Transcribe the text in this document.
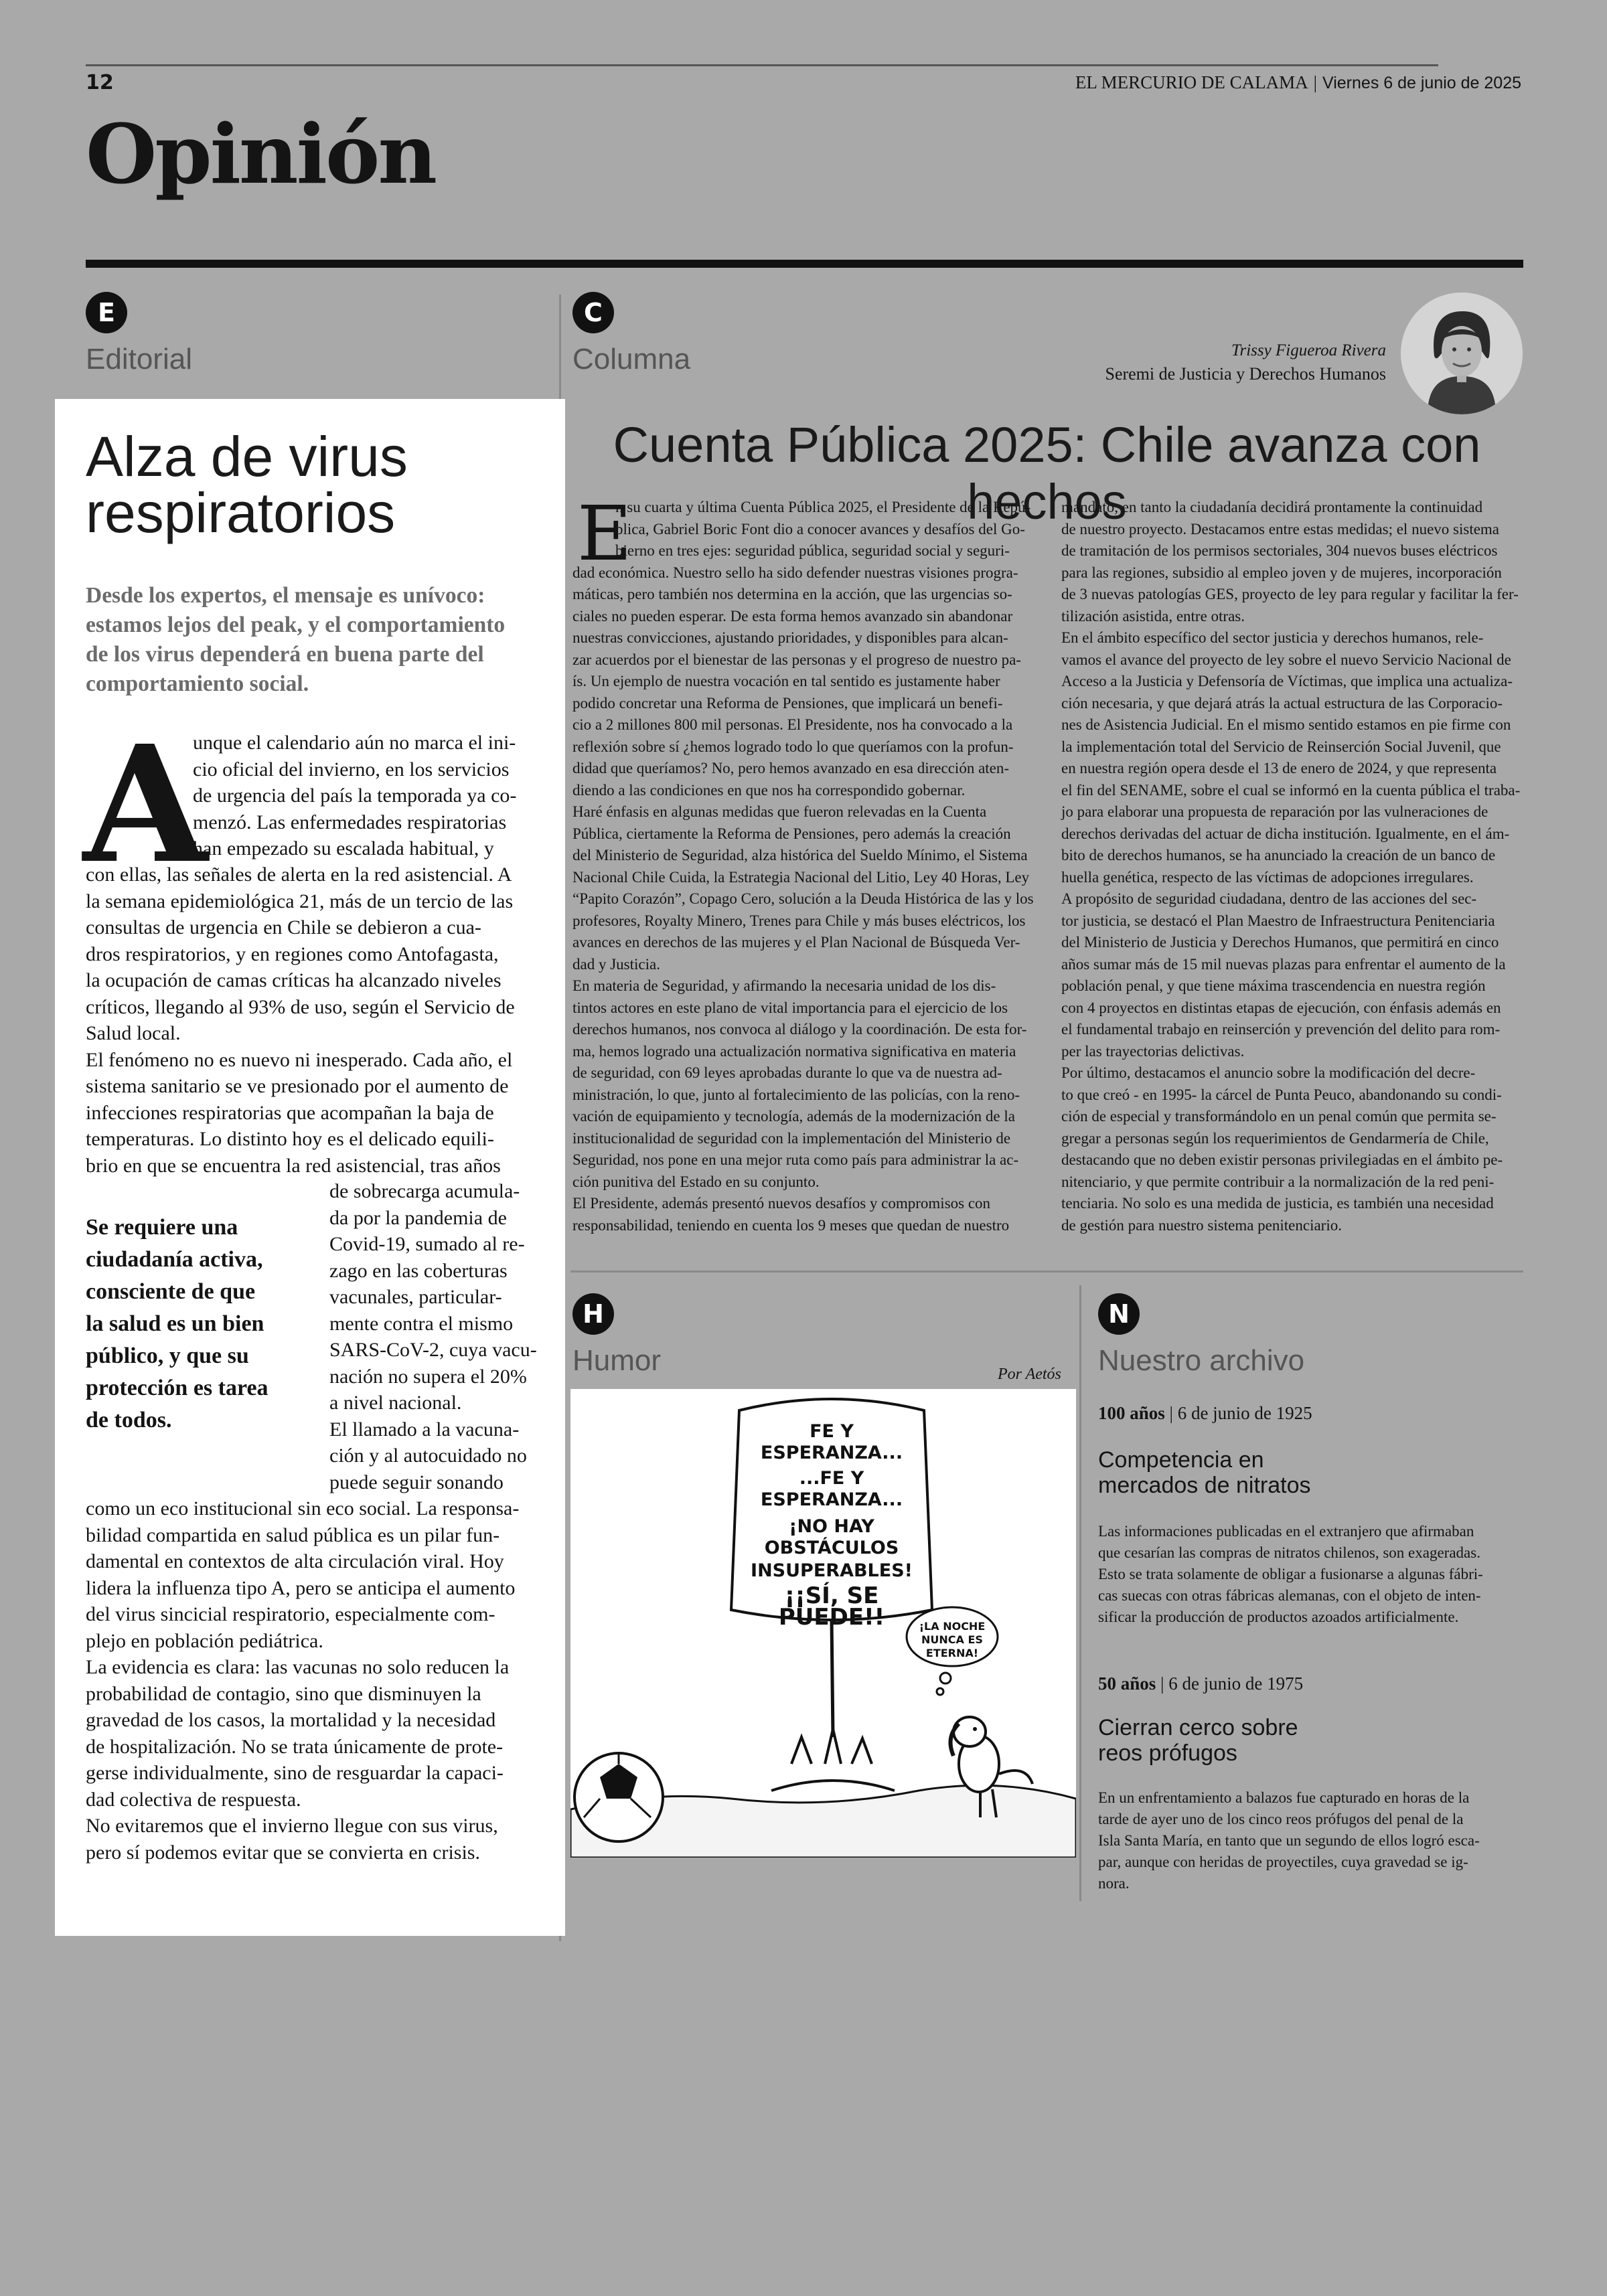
12	EL MERCURIO DE CALAMA | Viernes 6 de junio de 2025
Opinión
E
Editorial
Alza de virus
respiratorios
Desde los expertos, el mensaje es unívoco:
estamos lejos del peak, y el comportamiento
de los virus dependerá en buena parte del
comportamiento social.
A
unque el calendario aún no marca el ini-
cio oficial del invierno, en los servicios
de urgencia del país la temporada ya co-
menzó. Las enfermedades respiratorias
han empezado su escalada habitual, y
con ellas, las señales de alerta en la red asistencial. A
la semana epidemiológica 21, más de un tercio de las
consultas de urgencia en Chile se debieron a cua-
dros respiratorios, y en regiones como Antofagasta,
la ocupación de camas críticas ha alcanzado niveles
críticos, llegando al 93% de uso, según el Servicio de
Salud local.
El fenómeno no es nuevo ni inesperado. Cada año, el
sistema sanitario se ve presionado por el aumento de
infecciones respiratorias que acompañan la baja de
temperaturas. Lo distinto hoy es el delicado equili-
brio en que se encuentra la red asistencial, tras años
de sobrecarga acumula-
da por la pandemia de
Covid-19, sumado al re-
zago en las coberturas
vacunales, particular-
mente contra el mismo
SARS-CoV-2, cuya vacu-
nación no supera el 20%
a nivel nacional.
El llamado a la vacuna-
ción y al autocuidado no
puede seguir sonando
como un eco institucional sin eco social. La responsa-
bilidad compartida en salud pública es un pilar fun-
damental en contextos de alta circulación viral. Hoy
lidera la influenza tipo A, pero se anticipa el aumento
del virus sincicial respiratorio, especialmente com-
plejo en población pediátrica.
La evidencia es clara: las vacunas no solo reducen la
probabilidad de contagio, sino que disminuyen la
gravedad de los casos, la mortalidad y la necesidad
de hospitalización. No se trata únicamente de prote-
gerse individualmente, sino de resguardar la capaci-
dad colectiva de respuesta.
No evitaremos que el invierno llegue con sus virus,
pero sí podemos evitar que se convierta en crisis.
Se requiere una
ciudadanía activa,
consciente de que
la salud es un bien
público, y que su
protección es tarea
de todos.
C
Columna	Trissy Figueroa Rivera
Seremi de Justicia y Derechos Humanos
Cuenta Pública 2025: Chile avanza con hechos
E
n su cuarta y última Cuenta Pública 2025, el Presidente de la Repú-
blica, Gabriel Boric Font dio a conocer avances y desafíos del Go-
bierno en tres ejes: seguridad pública, seguridad social y seguri-
dad económica. Nuestro sello ha sido defender nuestras visiones progra-
máticas, pero también nos determina en la acción, que las urgencias so-
ciales no pueden esperar. De esta forma hemos avanzado sin abandonar
nuestras convicciones, ajustando prioridades, y disponibles para alcan-
zar acuerdos por el bienestar de las personas y el progreso de nuestro pa-
ís. Un ejemplo de nuestra vocación en tal sentido es justamente haber
podido concretar una Reforma de Pensiones, que implicará un benefi-
cio a 2 millones 800 mil personas. El Presidente, nos ha convocado a la
reflexión sobre sí ¿hemos logrado todo lo que queríamos con la profun-
didad que queríamos? No, pero hemos avanzado en esa dirección aten-
diendo a las condiciones en que nos ha correspondido gobernar.
Haré énfasis en algunas medidas que fueron relevadas en la Cuenta
Pública, ciertamente la Reforma de Pensiones, pero además la creación
del Ministerio de Seguridad, alza histórica del Sueldo Mínimo, el Sistema
Nacional Chile Cuida, la Estrategia Nacional del Litio, Ley 40 Horas, Ley
“Papito Corazón”, Copago Cero, solución a la Deuda Histórica de las y los
profesores, Royalty Minero, Trenes para Chile y más buses eléctricos, los
avances en derechos de las mujeres y el Plan Nacional de Búsqueda Ver-
dad y Justicia.
En materia de Seguridad, y afirmando la necesaria unidad de los dis-
tintos actores en este plano de vital importancia para el ejercicio de los
derechos humanos, nos convoca al diálogo y la coordinación. De esta for-
ma, hemos logrado una actualización normativa significativa en materia
de seguridad, con 69 leyes aprobadas durante lo que va de nuestra ad-
ministración, lo que, junto al fortalecimiento de las policías, con la reno-
vación de equipamiento y tecnología, además de la modernización de la
institucionalidad de seguridad con la implementación del Ministerio de
Seguridad, nos pone en una mejor ruta como país para administrar la ac-
ción punitiva del Estado en su conjunto.
El Presidente, además presentó nuevos desafíos y compromisos con
responsabilidad, teniendo en cuenta los 9 meses que quedan de nuestro
mandato, en tanto la ciudadanía decidirá prontamente la continuidad
de nuestro proyecto. Destacamos entre estas medidas; el nuevo sistema
de tramitación de los permisos sectoriales, 304 nuevos buses eléctricos
para las regiones, subsidio al empleo joven y de mujeres, incorporación
de 3 nuevas patologías GES, proyecto de ley para regular y facilitar la fer-
tilización asistida, entre otras.
En el ámbito específico del sector justicia y derechos humanos, rele-
vamos el avance del proyecto de ley sobre el nuevo Servicio Nacional de
Acceso a la Justicia y Defensoría de Víctimas, que implica una actualiza-
ción necesaria, y que dejará atrás la actual estructura de las Corporacio-
nes de Asistencia Judicial. En el mismo sentido estamos en pie firme con
la implementación total del Servicio de Reinserción Social Juvenil, que
en nuestra región opera desde el 13 de enero de 2024, y que representa
el fin del SENAME, sobre el cual se informó en la cuenta pública el traba-
jo para elaborar una propuesta de reparación por las vulneraciones de
derechos derivadas del actuar de dicha institución. Igualmente, en el ám-
bito de derechos humanos, se ha anunciado la creación de un banco de
huella genética, respecto de las víctimas de adopciones irregulares.
A propósito de seguridad ciudadana, dentro de las acciones del sec-
tor justicia, se destacó el Plan Maestro de Infraestructura Penitenciaria
del Ministerio de Justicia y Derechos Humanos, que permitirá en cinco
años sumar más de 15 mil nuevas plazas para enfrentar el aumento de la
población penal, y que tiene máxima trascendencia en nuestra región
con 4 proyectos en distintas etapas de ejecución, con énfasis además en
el fundamental trabajo en reinserción y prevención del delito para rom-
per las trayectorias delictivas.
Por último, destacamos el anuncio sobre la modificación del decre-
to que creó - en 1995- la cárcel de Punta Peuco, abandonando su condi-
ción de especial y transformándolo en un penal común que permita se-
gregar a personas según los requerimientos de Gendarmería de Chile,
destacando que no deben existir personas privilegiadas en el ámbito pe-
nitenciario, y que permite contribuir a la normalización de la red peni-
tenciaria. No solo es una medida de justicia, es también una necesidad
de gestión para nuestro sistema penitenciario.
H
Humor	Por Aetós
FE Y
ESPERANZA...
...FE Y
ESPERANZA...
¡NO HAY
OBSTÁCULOS
INSUPERABLES!
¡¡SÍ, SE
PUEDE!!	¡LA NOCHE
NUNCA ES
ETERNA!
N
Nuestro archivo
100 años | 6 de junio de 1925
Competencia en
mercados de nitratos
Las informaciones publicadas en el extranjero que afirmaban
que cesarían las compras de nitratos chilenos, son exageradas.
Esto se trata solamente de obligar a fusionarse a algunas fábri-
cas suecas con otras fábricas alemanas, con el objeto de inten-
sificar la producción de productos azoados artificialmente.
50 años | 6 de junio de 1975
Cierran cerco sobre
reos prófugos
En un enfrentamiento a balazos fue capturado en horas de la
tarde de ayer uno de los cinco reos prófugos del penal de la
Isla Santa María, en tanto que un segundo de ellos logró esca-
par, aunque con heridas de proyectiles, cuya gravedad se ig-
nora.
